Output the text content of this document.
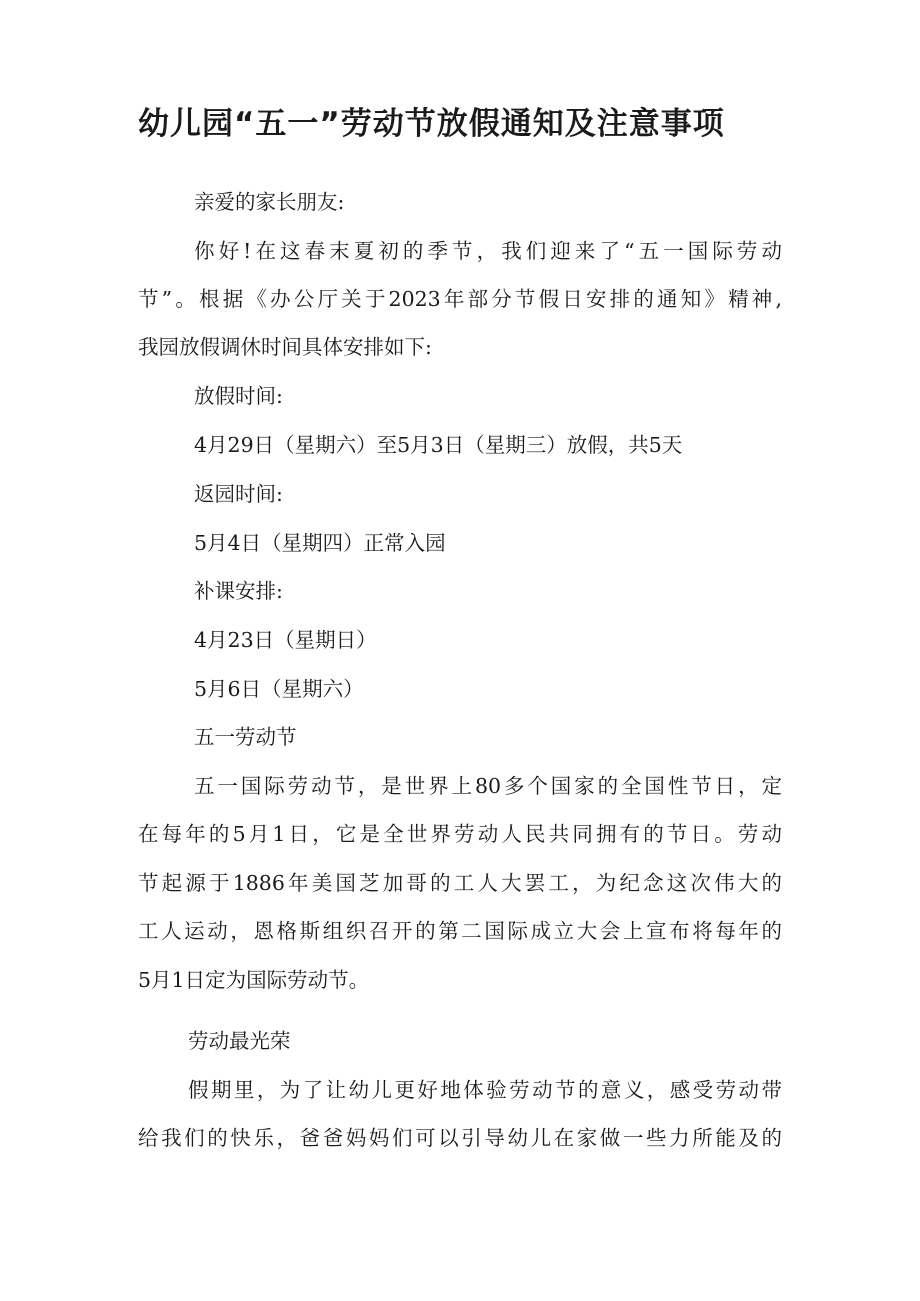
幼儿园“五一”劳动节放假通知及注意事项

亲爱的家长朋友:

你好!在这春末夏初的季节，我们迎来了“五一国际劳动

节”。根据《办公厅关于2023年部分节假日安排的通知》精神,

我园放假调休时间具体安排如下:

放假时间:

4月29日（星期六）至5月3日（星期三）放假，共5天

返园时间:

5月4日（星期四）正常入园

补课安排:

4月23日（星期日）

5月6日（星期六）

五一劳动节

五一国际劳动节，是世界上80多个国家的全国性节日，定

在每年的5月1日，它是全世界劳动人民共同拥有的节日。劳动

节起源于1886年美国芝加哥的工人大罢工，为纪念这次伟大的

工人运动，恩格斯组织召开的第二国际成立大会上宣布将每年的

5月1日定为国际劳动节。

劳动最光荣

假期里，为了让幼儿更好地体验劳动节的意义，感受劳动带

给我们的快乐，爸爸妈妈们可以引导幼儿在家做一些力所能及的
